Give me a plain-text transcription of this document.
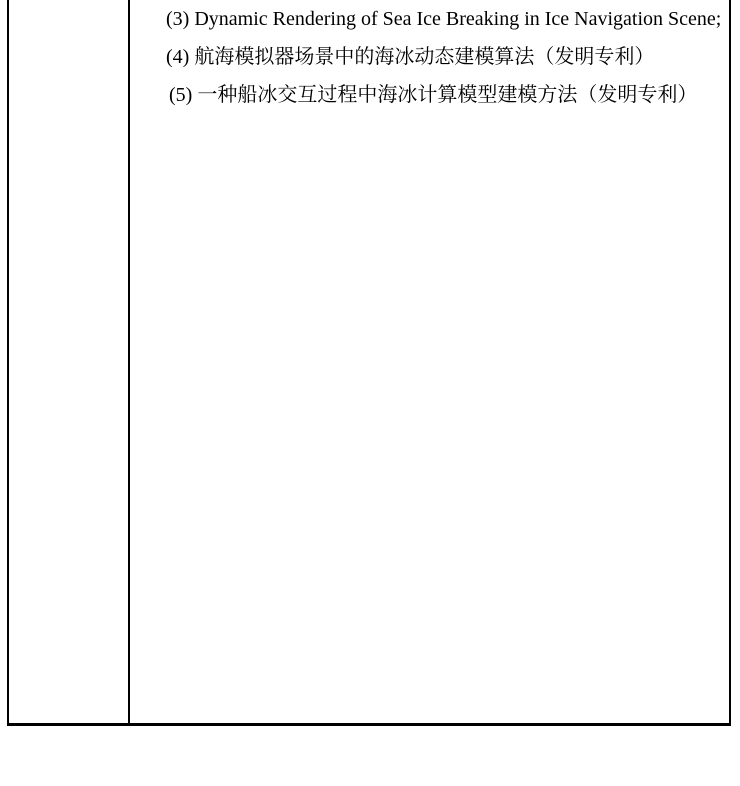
(3) Dynamic Rendering of Sea Ice Breaking in Ice Navigation Scene;
(4) 航海模拟器场景中的海冰动态建模算法（发明专利）
(5) 一种船冰交互过程中海冰计算模型建模方法（发明专利）
